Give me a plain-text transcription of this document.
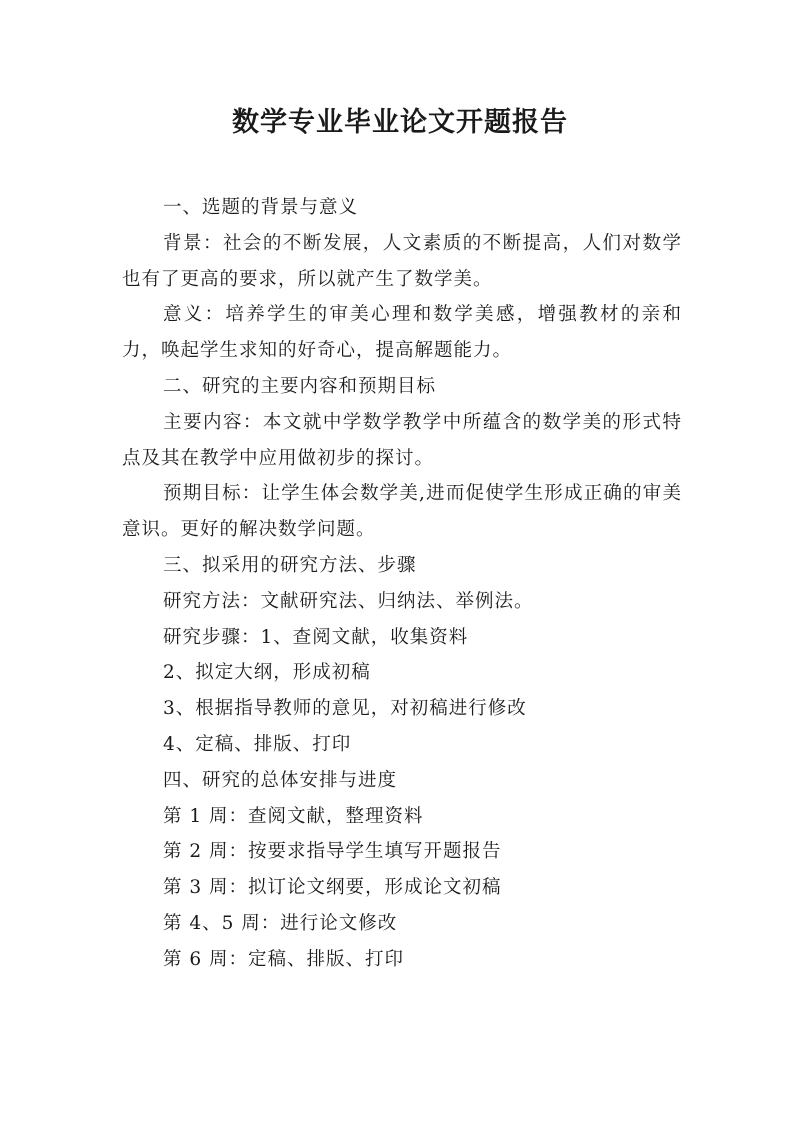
数学专业毕业论文开题报告

一、选题的背景与意义

背景：社会的不断发展，人文素质的不断提高，人们对数学也有了更高的要求，所以就产生了数学美。

意义：培养学生的审美心理和数学美感，增强教材的亲和力，唤起学生求知的好奇心，提高解题能力。

二、研究的主要内容和预期目标

主要内容：本文就中学数学教学中所蕴含的数学美的形式特点及其在教学中应用做初步的探讨。

预期目标：让学生体会数学美,进而促使学生形成正确的审美意识。更好的解决数学问题。

三、拟采用的研究方法、步骤

研究方法：文献研究法、归纳法、举例法。

研究步骤：1、查阅文献，收集资料

2、拟定大纲，形成初稿

3、根据指导教师的意见，对初稿进行修改

4、定稿、排版、打印

四、研究的总体安排与进度

第 1 周：查阅文献，整理资料

第 2 周：按要求指导学生填写开题报告

第 3 周：拟订论文纲要，形成论文初稿

第 4、5 周：进行论文修改

第 6 周：定稿、排版、打印
